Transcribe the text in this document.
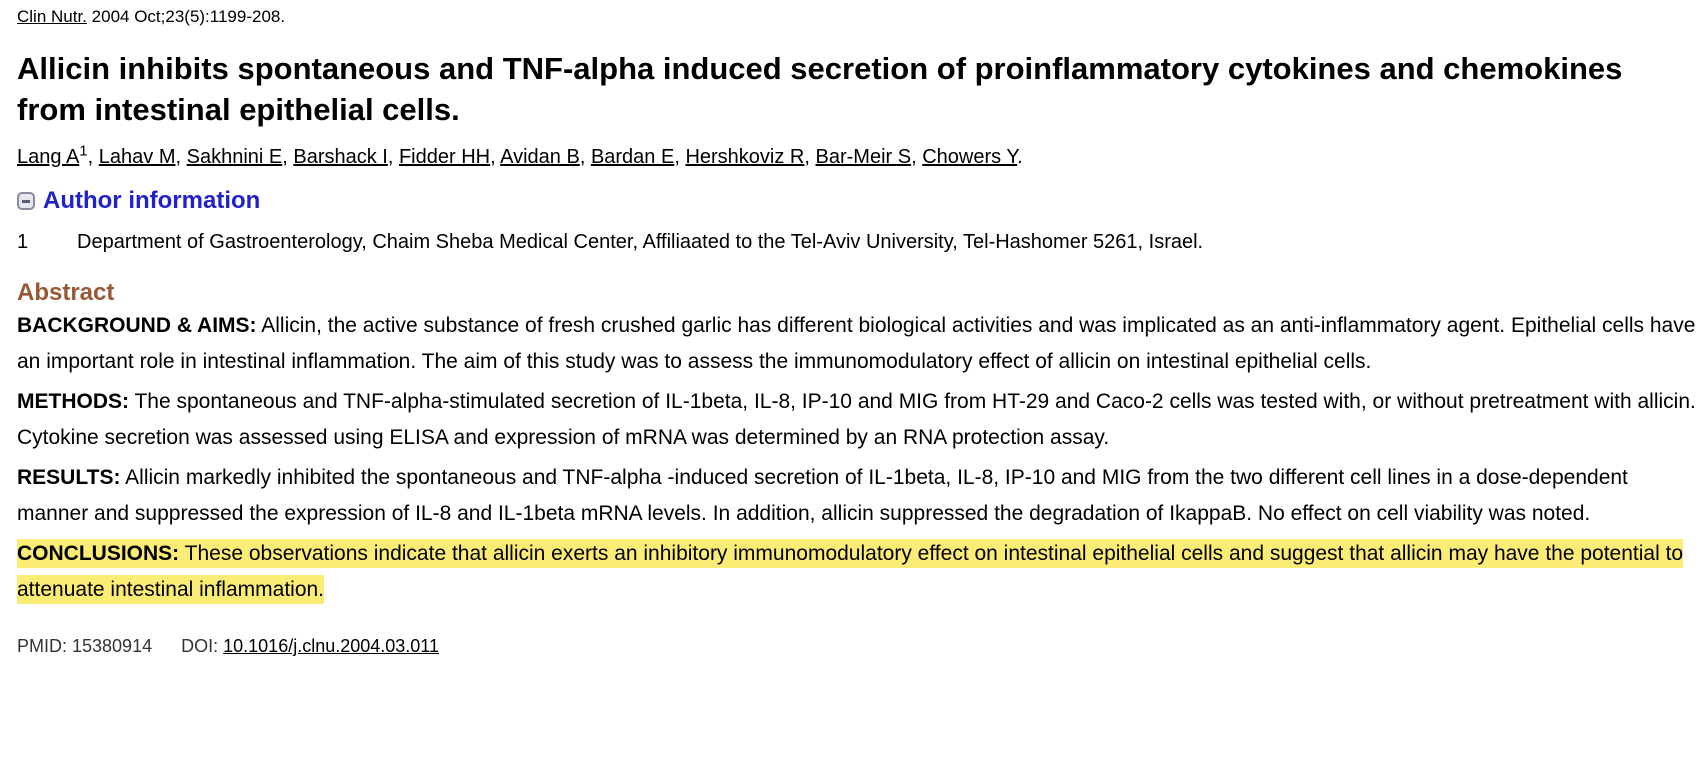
Clin Nutr. 2004 Oct;23(5):1199-208.
Allicin inhibits spontaneous and TNF-alpha induced secretion of proinflammatory cytokines and chemokines from intestinal epithelial cells.
Lang $A^1$, Lahav M, Sakhnini E, Barshack I, Fidder HH, Avidan B, Bardan E, Hershkoviz R, Bar-Meir S, Chowers Y.
Author information
1	Department of Gastroenterology, Chaim Sheba Medical Center, Affiliaated to the Tel-Aviv University, Tel-Hashomer 5261, Israel.
Abstract

BACKGROUND & AIMS: Allicin, the active substance of fresh crushed garlic has different biological activities and was implicated as an anti-inflammatory agent. Epithelial cells have an important role in intestinal inflammation. The aim of this study was to assess the immunomodulatory effect of allicin on intestinal epithelial cells.

METHODS: The spontaneous and TNF-alpha-stimulated secretion of IL-1beta, IL-8, IP-10 and MIG from HT-29 and Caco-2 cells was tested with, or without pretreatment with allicin. Cytokine secretion was assessed using ELISA and expression of mRNA was determined by an RNA protection assay.

RESULTS: Allicin markedly inhibited the spontaneous and TNF-alpha -induced secretion of IL-1beta, IL-8, IP-10 and MIG from the two different cell lines in a dose-dependent manner and suppressed the expression of IL-8 and IL-1beta mRNA levels. In addition, allicin suppressed the degradation of IkappaB. No effect on cell viability was noted.

CONCLUSIONS: These observations indicate that allicin exerts an inhibitory immunomodulatory effect on intestinal epithelial cells and suggest that allicin may have the potential to attenuate intestinal inflammation.

PMID: 15380914 DOI: 10.1016/j.clnu.2004.03.011
